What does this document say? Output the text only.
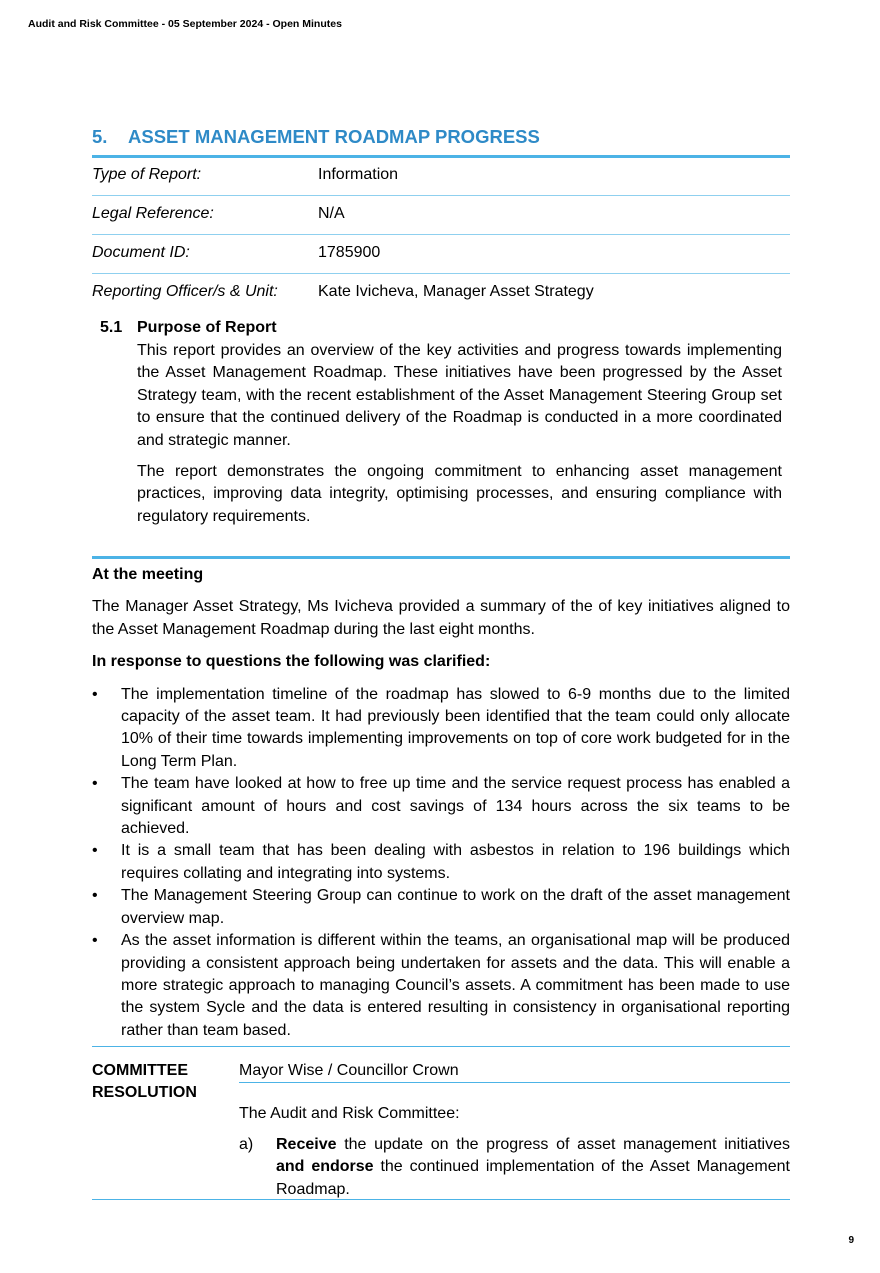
Audit and Risk Committee - 05 September 2024 - Open Minutes
5. ASSET MANAGEMENT ROADMAP PROGRESS
Type of Report:	Information
Legal Reference:	N/A
Document ID:	1785900
Reporting Officer/s & Unit:	Kate Ivicheva, Manager Asset Strategy
5.1 Purpose of Report

This report provides an overview of the key activities and progress towards implementing the Asset Management Roadmap. These initiatives have been progressed by the Asset Strategy team, with the recent establishment of the Asset Management Steering Group set to ensure that the continued delivery of the Roadmap is conducted in a more coordinated and strategic manner.

The report demonstrates the ongoing commitment to enhancing asset management practices, improving data integrity, optimising processes, and ensuring compliance with regulatory requirements.

At the meeting

The Manager Asset Strategy, Ms Ivicheva provided a summary of the of key initiatives aligned to the Asset Management Roadmap during the last eight months.

In response to questions the following was clarified:
• The implementation timeline of the roadmap has slowed to 6-9 months due to the limited capacity of the asset team. It had previously been identified that the team could only allocate 10% of their time towards implementing improvements on top of core work budgeted for in the Long Term Plan.
• The team have looked at how to free up time and the service request process has enabled a significant amount of hours and cost savings of 134 hours across the six teams to be achieved.
• It is a small team that has been dealing with asbestos in relation to 196 buildings which requires collating and integrating into systems.
• The Management Steering Group can continue to work on the draft of the asset management overview map.
• As the asset information is different within the teams, an organisational map will be produced providing a consistent approach being undertaken for assets and the data. This will enable a more strategic approach to managing Council’s assets. A commitment has been made to use the system Sycle and the data is entered resulting in consistency in organisational reporting rather than team based.
COMMITTEE
RESOLUTION
Mayor Wise / Councillor Crown
The Audit and Risk Committee:
a)	Receive the update on the progress of asset management initiatives and endorse the continued implementation of the Asset Management Roadmap.
9
